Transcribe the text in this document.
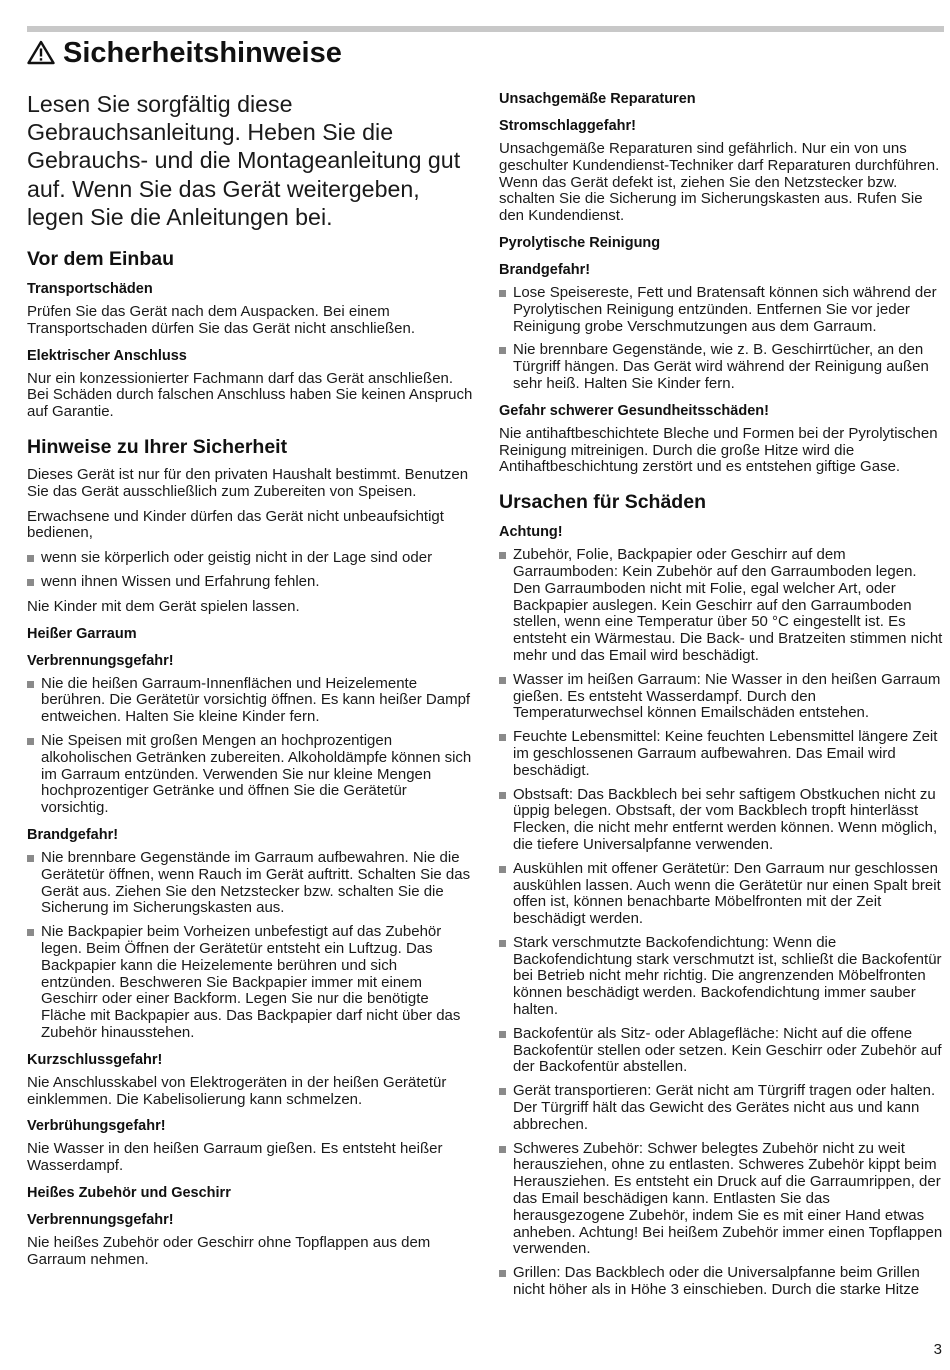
Sicherheitshinweise

Lesen Sie sorgfältig diese Gebrauchsanleitung. Heben Sie die Gebrauchs- und die Montageanleitung gut auf. Wenn Sie das Gerät weitergeben, legen Sie die Anleitungen bei.

Vor dem Einbau
Transportschäden

Prüfen Sie das Gerät nach dem Auspacken. Bei einem Transportschaden dürfen Sie das Gerät nicht anschließen.

Elektrischer Anschluss

Nur ein konzessionierter Fachmann darf das Gerät anschließen. Bei Schäden durch falschen Anschluss haben Sie keinen Anspruch auf Garantie.

Hinweise zu Ihrer Sicherheit

Dieses Gerät ist nur für den privaten Haushalt bestimmt. Benutzen Sie das Gerät ausschließlich zum Zubereiten von Speisen.

Erwachsene und Kinder dürfen das Gerät nicht unbeaufsichtigt bedienen,

wenn sie körperlich oder geistig nicht in der Lage sind oder
wenn ihnen Wissen und Erfahrung fehlen.

Nie Kinder mit dem Gerät spielen lassen.

Heißer Garraum
Verbrennungsgefahr!
Nie die heißen Garraum-Innenflächen und Heizelemente berühren. Die Gerätetür vorsichtig öffnen. Es kann heißer Dampf entweichen. Halten Sie kleine Kinder fern.
Nie Speisen mit großen Mengen an hochprozentigen alkoholischen Getränken zubereiten. Alkoholdämpfe können sich im Garraum entzünden. Verwenden Sie nur kleine Mengen hochprozentiger Getränke und öffnen Sie die Gerätetür vorsichtig.
Brandgefahr!
Nie brennbare Gegenstände im Garraum aufbewahren. Nie die Gerätetür öffnen, wenn Rauch im Gerät auftritt. Schalten Sie das Gerät aus. Ziehen Sie den Netzstecker bzw. schalten Sie die Sicherung im Sicherungskasten aus.
Nie Backpapier beim Vorheizen unbefestigt auf das Zubehör legen. Beim Öffnen der Gerätetür entsteht ein Luftzug. Das Backpapier kann die Heizelemente berühren und sich entzünden. Beschweren Sie Backpapier immer mit einem Geschirr oder einer Backform. Legen Sie nur die benötigte Fläche mit Backpapier aus. Das Backpapier darf nicht über das Zubehör hinausstehen.
Kurzschlussgefahr!

Nie Anschlusskabel von Elektrogeräten in der heißen Gerätetür einklemmen. Die Kabelisolierung kann schmelzen.

Verbrühungsgefahr!

Nie Wasser in den heißen Garraum gießen. Es entsteht heißer Wasserdampf.

Heißes Zubehör und Geschirr
Verbrennungsgefahr!

Nie heißes Zubehör oder Geschirr ohne Topflappen aus dem Garraum nehmen.

Unsachgemäße Reparaturen
Stromschlaggefahr!

Unsachgemäße Reparaturen sind gefährlich. Nur ein von uns geschulter Kundendienst-Techniker darf Reparaturen durchführen. Wenn das Gerät defekt ist, ziehen Sie den Netzstecker bzw. schalten Sie die Sicherung im Sicherungskasten aus. Rufen Sie den Kundendienst.

Pyrolytische Reinigung
Brandgefahr!
Lose Speisereste, Fett und Bratensaft können sich während der Pyrolytischen Reinigung entzünden. Entfernen Sie vor jeder Reinigung grobe Verschmutzungen aus dem Garraum.
Nie brennbare Gegenstände, wie z. B. Geschirrtücher, an den Türgriff hängen. Das Gerät wird während der Reinigung außen sehr heiß. Halten Sie Kinder fern.
Gefahr schwerer Gesundheitsschäden!

Nie antihaftbeschichtete Bleche und Formen bei der Pyrolytischen Reinigung mitreinigen. Durch die große Hitze wird die Antihaftbeschichtung zerstört und es entstehen giftige Gase.

Ursachen für Schäden
Achtung!
Zubehör, Folie, Backpapier oder Geschirr auf dem Garraumboden: Kein Zubehör auf den Garraumboden legen. Den Garraumboden nicht mit Folie, egal welcher Art, oder Backpapier auslegen. Kein Geschirr auf den Garraumboden stellen, wenn eine Temperatur über 50 °C eingestellt ist. Es entsteht ein Wärmestau. Die Back- und Bratzeiten stimmen nicht mehr und das Email wird beschädigt.
Wasser im heißen Garraum: Nie Wasser in den heißen Garraum gießen. Es entsteht Wasserdampf. Durch den Temperaturwechsel können Emailschäden entstehen.
Feuchte Lebensmittel: Keine feuchten Lebensmittel längere Zeit im geschlossenen Garraum aufbewahren. Das Email wird beschädigt.
Obstsaft: Das Backblech bei sehr saftigem Obstkuchen nicht zu üppig belegen. Obstsaft, der vom Backblech tropft hinterlässt Flecken, die nicht mehr entfernt werden können. Wenn möglich, die tiefere Universalpfanne verwenden.
Auskühlen mit offener Gerätetür: Den Garraum nur geschlossen auskühlen lassen. Auch wenn die Gerätetür nur einen Spalt breit offen ist, können benachbarte Möbelfronten mit der Zeit beschädigt werden.
Stark verschmutzte Backofendichtung: Wenn die Backofendichtung stark verschmutzt ist, schließt die Backofentür bei Betrieb nicht mehr richtig. Die angrenzenden Möbelfronten können beschädigt werden. Backofendichtung immer sauber halten.
Backofentür als Sitz- oder Ablagefläche: Nicht auf die offene Backofentür stellen oder setzen. Kein Geschirr oder Zubehör auf der Backofentür abstellen.
Gerät transportieren: Gerät nicht am Türgriff tragen oder halten. Der Türgriff hält das Gewicht des Gerätes nicht aus und kann abbrechen.
Schweres Zubehör: Schwer belegtes Zubehör nicht zu weit herausziehen, ohne zu entlasten. Schweres Zubehör kippt beim Herausziehen. Es entsteht ein Druck auf die Garraumrippen, der das Email beschädigen kann. Entlasten Sie das herausgezogene Zubehör, indem Sie es mit einer Hand etwas anheben. Achtung! Bei heißem Zubehör immer einen Topflappen verwenden.
Grillen: Das Backblech oder die Universalpfanne beim Grillen nicht höher als in Höhe 3 einschieben. Durch die starke Hitze
3
